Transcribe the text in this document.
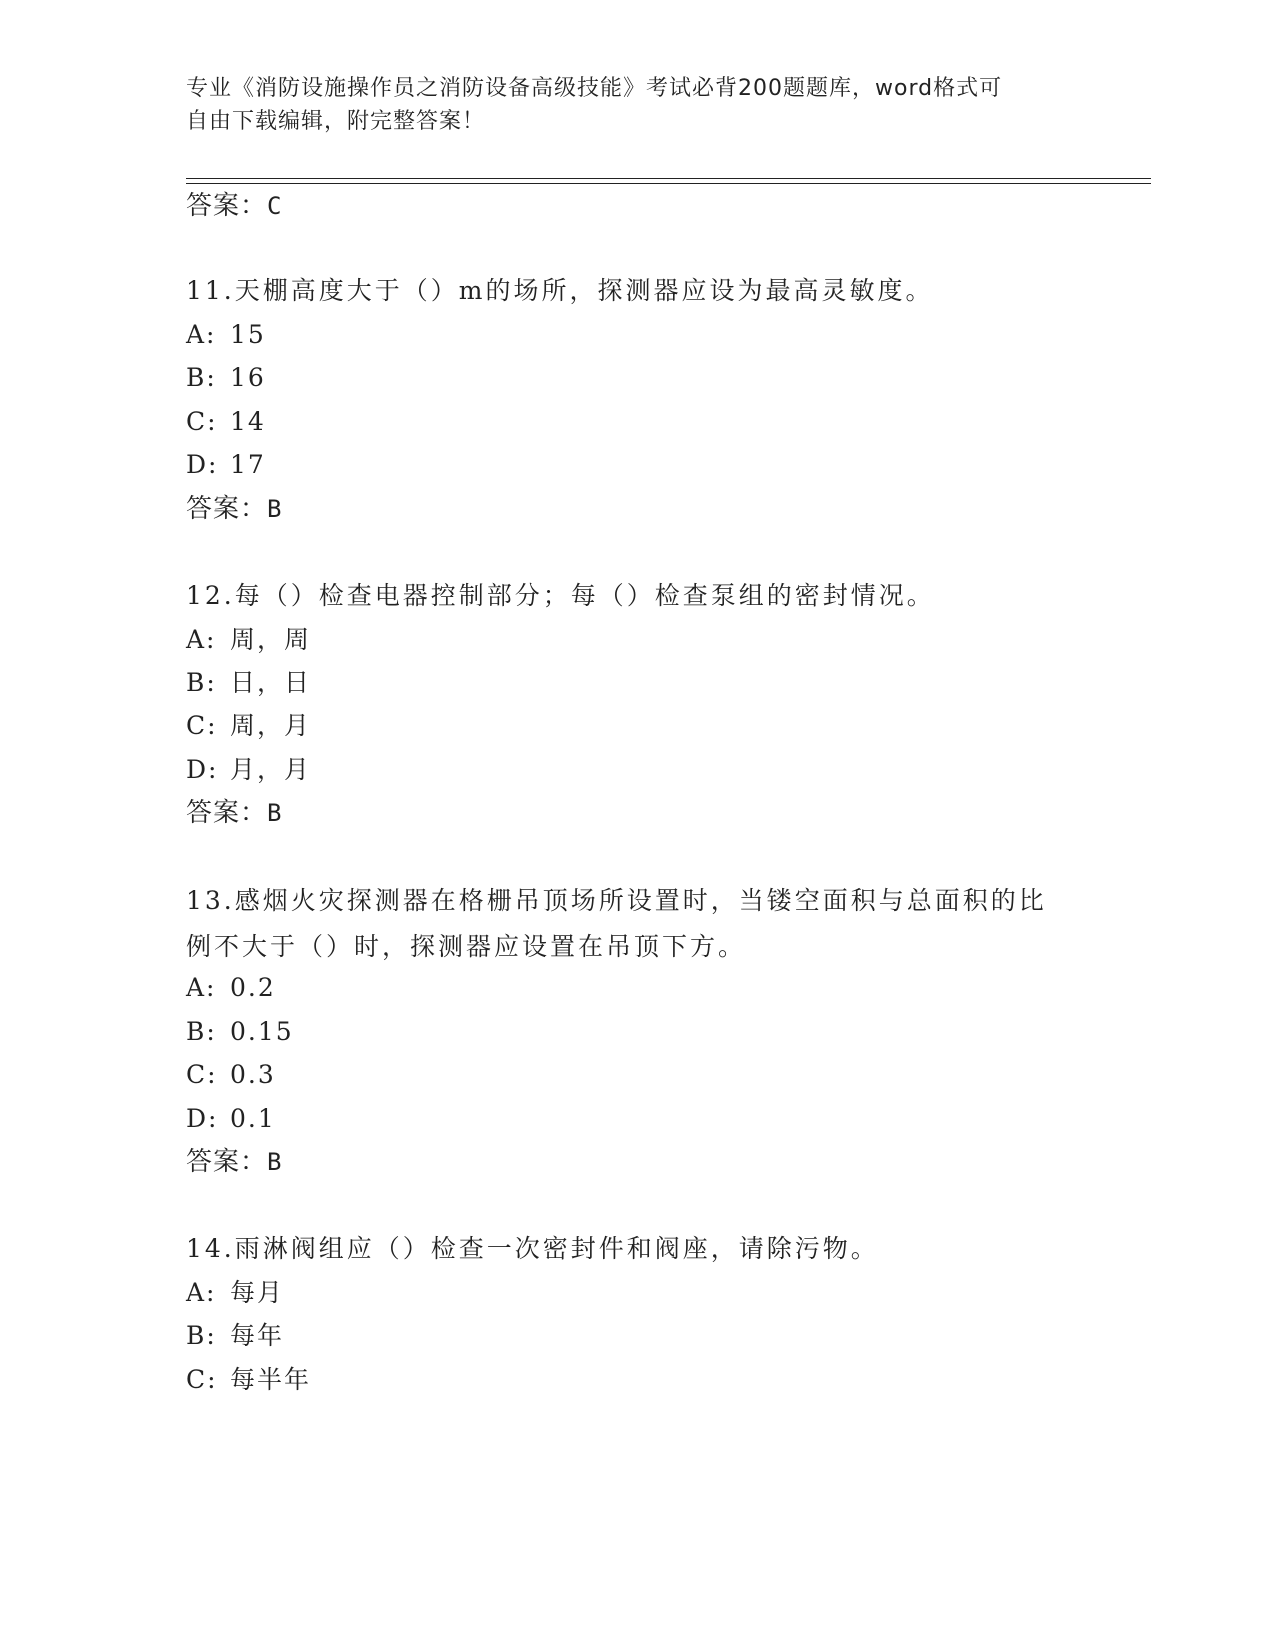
专业《消防设施操作员之消防设备高级技能》考试必背200题题库，word格式可
自由下载编辑，附完整答案！
答案：C
11.天棚高度大于（）m的场所，探测器应设为最高灵敏度。
A: 15
B: 16
C: 14
D: 17
答案：B
12.每（）检查电器控制部分；每（）检查泵组的密封情况。
A: 周，周
B: 日，日
C: 周，月
D: 月，月
答案：B
13.感烟火灾探测器在格栅吊顶场所设置时，当镂空面积与总面积的比
例不大于（）时，探测器应设置在吊顶下方。
A: 0.2
B: 0.15
C: 0.3
D: 0.1
答案：B
14.雨淋阀组应（）检查一次密封件和阀座，请除污物。
A: 每月
B: 每年
C: 每半年
